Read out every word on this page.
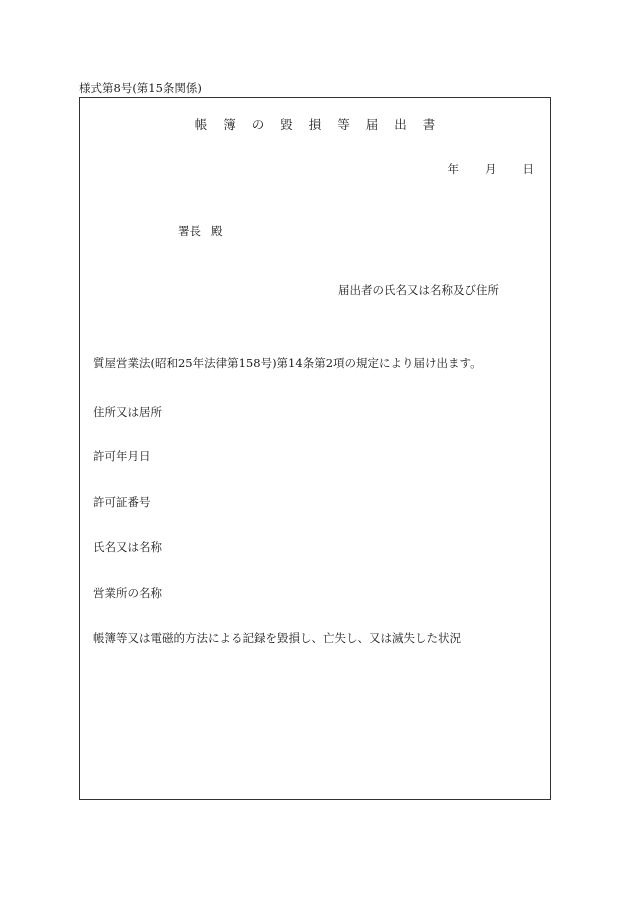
様式第8号(第15条関係)
帳簿の毀損等届出書
年 月 日
署長 殿
届出者の氏名又は名称及び住所
質屋営業法(昭和25年法律第158号)第14条第2項の規定により届け出ます。
住所又は居所
許可年月日
許可証番号
氏名又は名称
営業所の名称
帳簿等又は電磁的方法による記録を毀損し、亡失し、又は滅失した状況
